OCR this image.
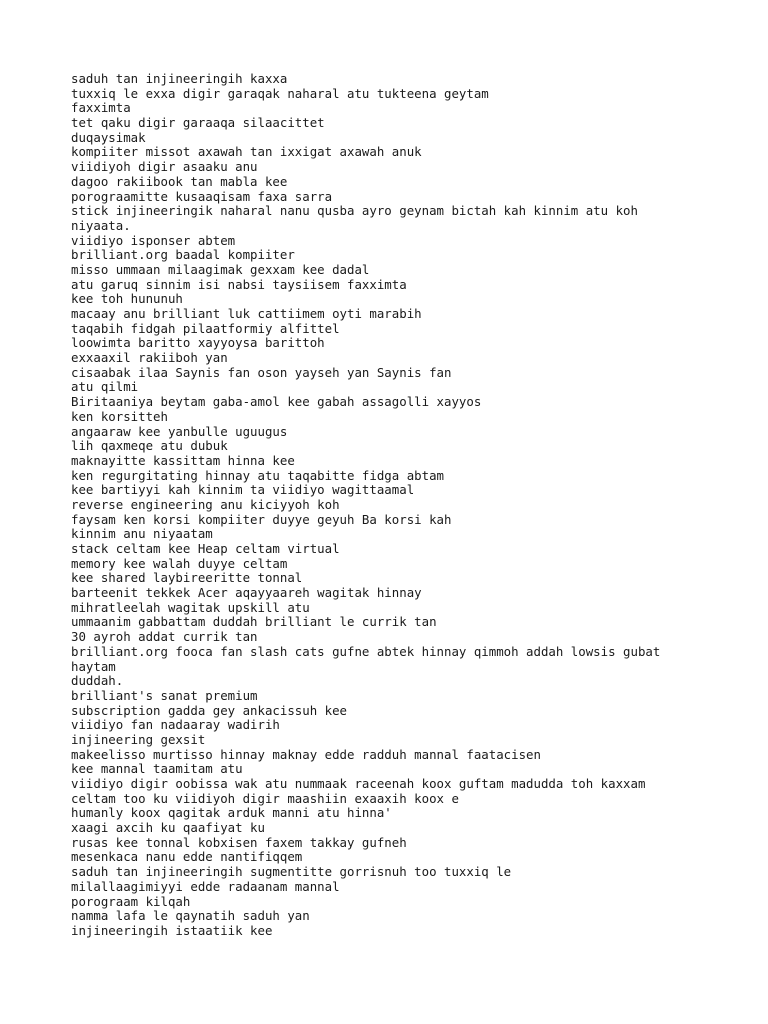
saduh tan injineeringih kaxxa
tuxxiq le exxa digir garaqak naharal atu tukteena geytam
faxximta
tet qaku digir garaaqa silaacittet
duqaysimak
kompiiter missot axawah tan ixxigat axawah anuk
viidiyoh digir asaaku anu
dagoo rakiibook tan mabla kee
porograamitte kusaaqisam faxa sarra
stick injineeringik naharal nanu qusba ayro geynam bictah kah kinnim atu koh
niyaata.
viidiyo isponser abtem
brilliant.org baadal kompiiter
misso ummaan milaagimak gexxam kee dadal
atu garuq sinnim isi nabsi taysiisem faxximta
kee toh hununuh
macaay anu brilliant luk cattiimem oyti marabih
taqabih fidgah pilaatformiy alfittel
loowimta baritto xayyoysa barittoh
exxaaxil rakiiboh yan
cisaabak ilaa Saynis fan oson yayseh yan Saynis fan
atu qilmi
Biritaaniya beytam gaba-amol kee gabah assagolli xayyos
ken korsitteh
angaaraw kee yanbulle uguugus
lih qaxmeqe atu dubuk
maknayitte kassittam hinna kee
ken regurgitating hinnay atu taqabitte fidga abtam
kee bartiyyi kah kinnim ta viidiyo wagittaamal
reverse engineering anu kiciyyoh koh
faysam ken korsi kompiiter duyye geyuh Ba korsi kah
kinnim anu niyaatam
stack celtam kee Heap celtam virtual
memory kee walah duyye celtam
kee shared laybireeritte tonnal
barteenit tekkek Acer aqayyaareh wagitak hinnay
mihratleelah wagitak upskill atu
ummaanim gabbattam duddah brilliant le currik tan
30 ayroh addat currik tan
brilliant.org fooca fan slash cats gufne abtek hinnay qimmoh addah lowsis gubat
haytam
duddah.
brilliant's sanat premium
subscription gadda gey ankacissuh kee
viidiyo fan nadaaray wadirih
injineering gexsit
makeelisso murtisso hinnay maknay edde radduh mannal faatacisen
kee mannal taamitam atu
viidiyo digir oobissa wak atu nummaak raceenah koox guftam madudda toh kaxxam
celtam too ku viidiyoh digir maashiin exaaxih koox e
humanly koox qagitak arduk manni atu hinna'
xaagi axcih ku qaafiyat ku
rusas kee tonnal kobxisen faxem takkay gufneh
mesenkaca nanu edde nantifiqqem
saduh tan injineeringih sugmentitte gorrisnuh too tuxxiq le
milallaagimiyyi edde radaanam mannal
porograam kilqah
namma lafa le qaynatih saduh yan
injineeringih istaatiik kee
